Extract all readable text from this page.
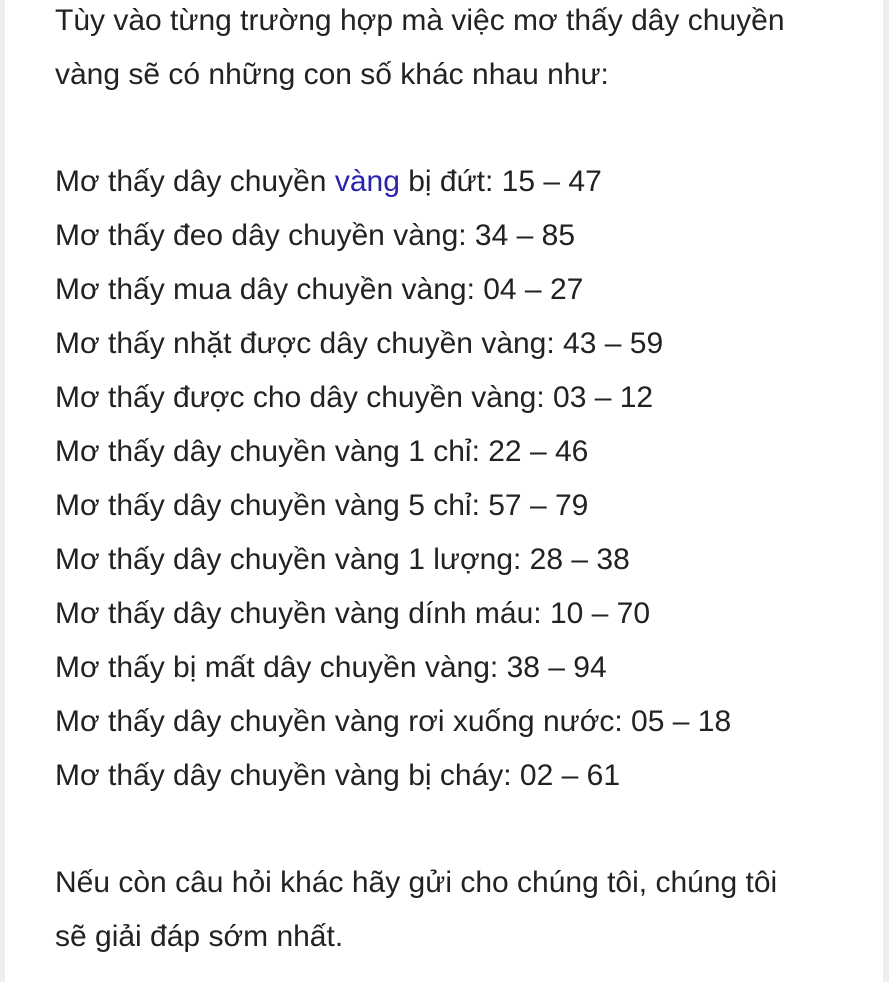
Tùy vào từng trường hợp mà việc mơ thấy dây chuyền
vàng sẽ có những con số khác nhau như:

Mơ thấy dây chuyền vàng bị đứt: 15 – 47
Mơ thấy đeo dây chuyền vàng: 34 – 85
Mơ thấy mua dây chuyền vàng: 04 – 27
Mơ thấy nhặt được dây chuyền vàng: 43 – 59
Mơ thấy được cho dây chuyền vàng: 03 – 12
Mơ thấy dây chuyền vàng 1 chỉ: 22 – 46
Mơ thấy dây chuyền vàng 5 chỉ: 57 – 79
Mơ thấy dây chuyền vàng 1 lượng: 28 – 38
Mơ thấy dây chuyền vàng dính máu: 10 – 70
Mơ thấy bị mất dây chuyền vàng: 38 – 94
Mơ thấy dây chuyền vàng rơi xuống nước: 05 – 18
Mơ thấy dây chuyền vàng bị cháy: 02 – 61

Nếu còn câu hỏi khác hãy gửi cho chúng tôi, chúng tôi
sẽ giải đáp sớm nhất.
